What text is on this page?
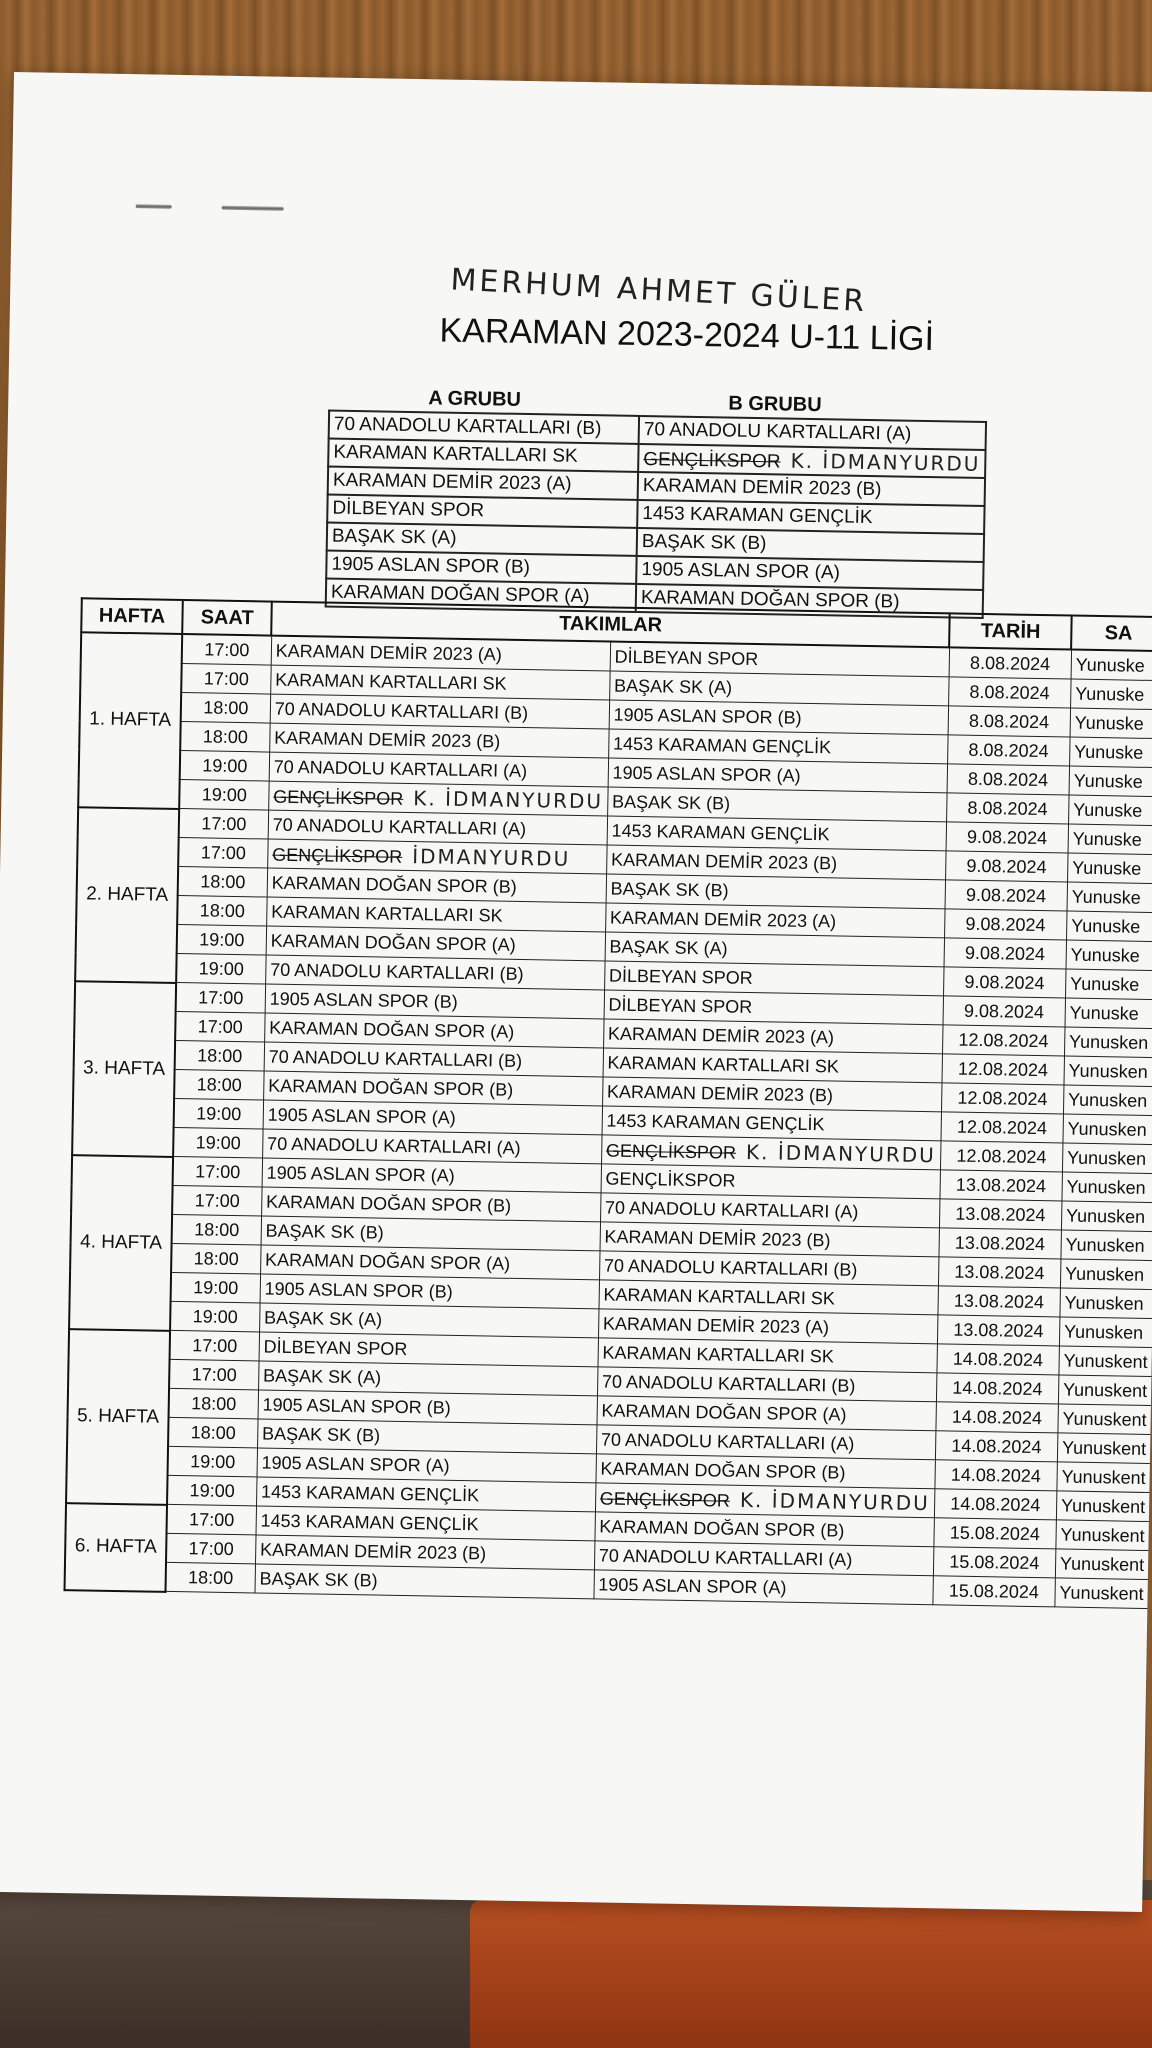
MERHUM AHMET GÜLER
KARAMAN 2023-2024 U-11 LİGİ
A GRUBU	B GRUBU
70 ANADOLU KARTALLARI (B)	70 ANADOLU KARTALLARI (A)
KARAMAN KARTALLARI SK	GENÇLİKSPOR K. İDMANYURDU
KARAMAN DEMİR 2023 (A)	KARAMAN DEMİR 2023 (B)
DİLBEYAN SPOR	1453 KARAMAN GENÇLİK
BAŞAK SK (A)	BAŞAK SK (B)
1905 ASLAN SPOR (B)	1905 ASLAN SPOR (A)
KARAMAN DOĞAN SPOR (A)	KARAMAN DOĞAN SPOR (B)
HAFTA	SAAT	TAKIMLAR		TARİH	SA
1. HAFTA	17:00	KARAMAN DEMİR 2023 (A)	DİLBEYAN SPOR	8.08.2024	Yunuske
	17:00	KARAMAN KARTALLARI SK	BAŞAK SK (A)	8.08.2024	Yunuske
	18:00	70 ANADOLU KARTALLARI (B)	1905 ASLAN SPOR (B)	8.08.2024	Yunuske
	18:00	KARAMAN DEMİR 2023 (B)	1453 KARAMAN GENÇLİK	8.08.2024	Yunuske
	19:00	70 ANADOLU KARTALLARI (A)	1905 ASLAN SPOR (A)	8.08.2024	Yunuske
	19:00	GENÇLİKSPOR K. İDMANYURDU	BAŞAK SK (B)	8.08.2024	Yunuske
2. HAFTA	17:00	70 ANADOLU KARTALLARI (A)	1453 KARAMAN GENÇLİK	9.08.2024	Yunuske
	17:00	GENÇLİKSPOR İDMANYURDU	KARAMAN DEMİR 2023 (B)	9.08.2024	Yunuske
	18:00	KARAMAN DOĞAN SPOR (B)	BAŞAK SK (B)	9.08.2024	Yunuske
	18:00	KARAMAN KARTALLARI SK	KARAMAN DEMİR 2023 (A)	9.08.2024	Yunuske
	19:00	KARAMAN DOĞAN SPOR (A)	BAŞAK SK (A)	9.08.2024	Yunuske
	19:00	70 ANADOLU KARTALLARI (B)	DİLBEYAN SPOR	9.08.2024	Yunuske
3. HAFTA	17:00	1905 ASLAN SPOR (B)	DİLBEYAN SPOR	9.08.2024	Yunuske
	17:00	KARAMAN DOĞAN SPOR (A)	KARAMAN DEMİR 2023 (A)	12.08.2024	Yunusken
	18:00	70 ANADOLU KARTALLARI (B)	KARAMAN KARTALLARI SK	12.08.2024	Yunusken
	18:00	KARAMAN DOĞAN SPOR (B)	KARAMAN DEMİR 2023 (B)	12.08.2024	Yunusken
	19:00	1905 ASLAN SPOR (A)	1453 KARAMAN GENÇLİK	12.08.2024	Yunusken
	19:00	70 ANADOLU KARTALLARI (A)	GENÇLİKSPOR K. İDMANYURDU	12.08.2024	Yunusken
4. HAFTA	17:00	1905 ASLAN SPOR (A)	GENÇLİKSPOR	13.08.2024	Yunusken
	17:00	KARAMAN DOĞAN SPOR (B)	70 ANADOLU KARTALLARI (A)	13.08.2024	Yunusken
	18:00	BAŞAK SK (B)	KARAMAN DEMİR 2023 (B)	13.08.2024	Yunusken
	18:00	KARAMAN DOĞAN SPOR (A)	70 ANADOLU KARTALLARI (B)	13.08.2024	Yunusken
	19:00	1905 ASLAN SPOR (B)	KARAMAN KARTALLARI SK	13.08.2024	Yunusken
	19:00	BAŞAK SK (A)	KARAMAN DEMİR 2023 (A)	13.08.2024	Yunusken
5. HAFTA	17:00	DİLBEYAN SPOR	KARAMAN KARTALLARI SK	14.08.2024	Yunuskent
	17:00	BAŞAK SK (A)	70 ANADOLU KARTALLARI (B)	14.08.2024	Yunuskent
	18:00	1905 ASLAN SPOR (B)	KARAMAN DOĞAN SPOR (A)	14.08.2024	Yunuskent
	18:00	BAŞAK SK (B)	70 ANADOLU KARTALLARI (A)	14.08.2024	Yunuskent
	19:00	1905 ASLAN SPOR (A)	KARAMAN DOĞAN SPOR (B)	14.08.2024	Yunuskent
	19:00	1453 KARAMAN GENÇLİK	GENÇLİKSPOR K. İDMANYURDU	14.08.2024	Yunuskent
6. HAFTA	17:00	1453 KARAMAN GENÇLİK	KARAMAN DOĞAN SPOR (B)	15.08.2024	Yunuskent
	17:00	KARAMAN DEMİR 2023 (B)	70 ANADOLU KARTALLARI (A)	15.08.2024	Yunuskent
	18:00	BAŞAK SK (B)	1905 ASLAN SPOR (A)	15.08.2024	Yunuskent
